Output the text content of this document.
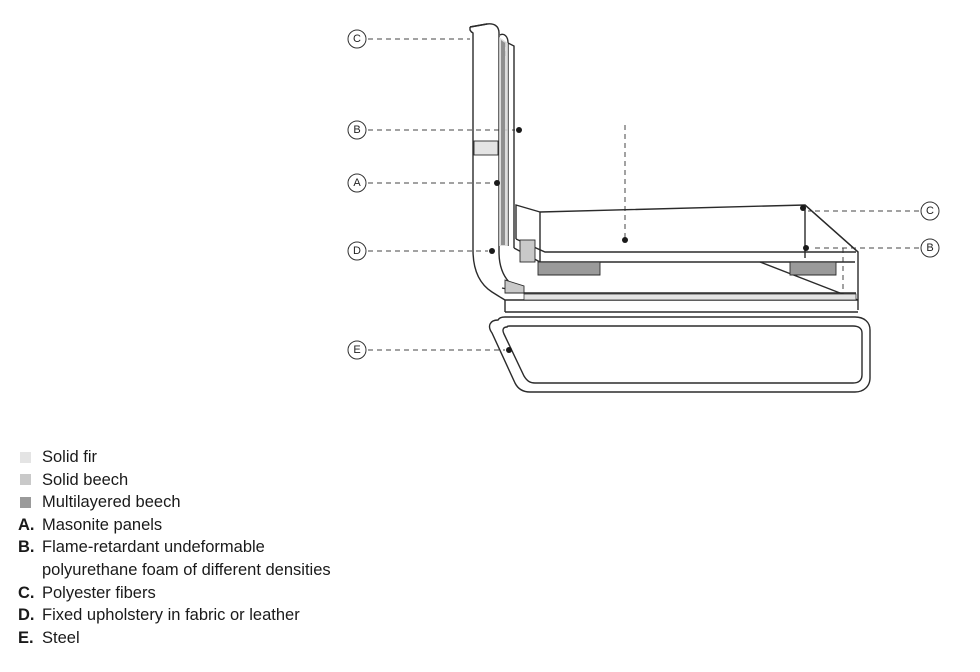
C
B
A
D
E
C
B
Solid fir
Solid beech
Multilayered beech
A. Masonite panels
B. Flame-retardant undeformable
polyurethane foam of different densities
C. Polyester fibers
D. Fixed upholstery in fabric or leather
E. Steel
